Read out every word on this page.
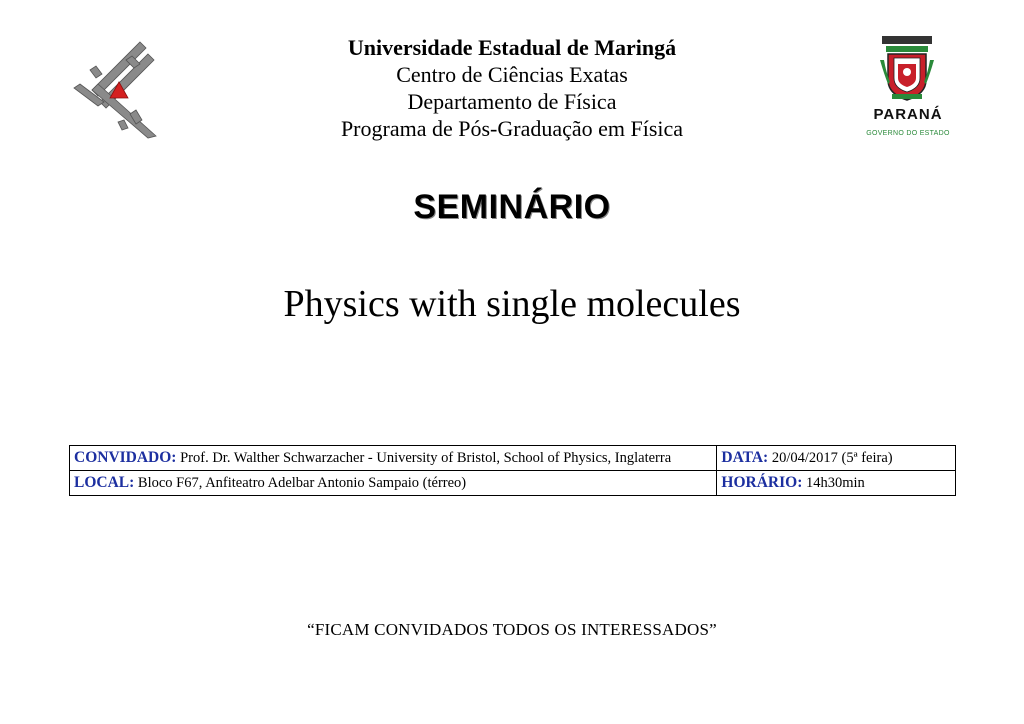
PARANÁ
GOVERNO DO ESTADO
Universidade Estadual de Maringá
Centro de Ciências Exatas
Departamento de Física
Programa de Pós-Graduação em Física
SEMINÁRIO
Physics with single molecules
CONVIDADO: Prof. Dr. Walther Schwarzacher - University of Bristol, School of Physics, Inglaterra	DATA: 20/04/2017 (5ª feira)
LOCAL: Bloco F67, Anfiteatro Adelbar Antonio Sampaio (térreo)	HORÁRIO: 14h30min
“FICAM CONVIDADOS TODOS OS INTERESSADOS”
